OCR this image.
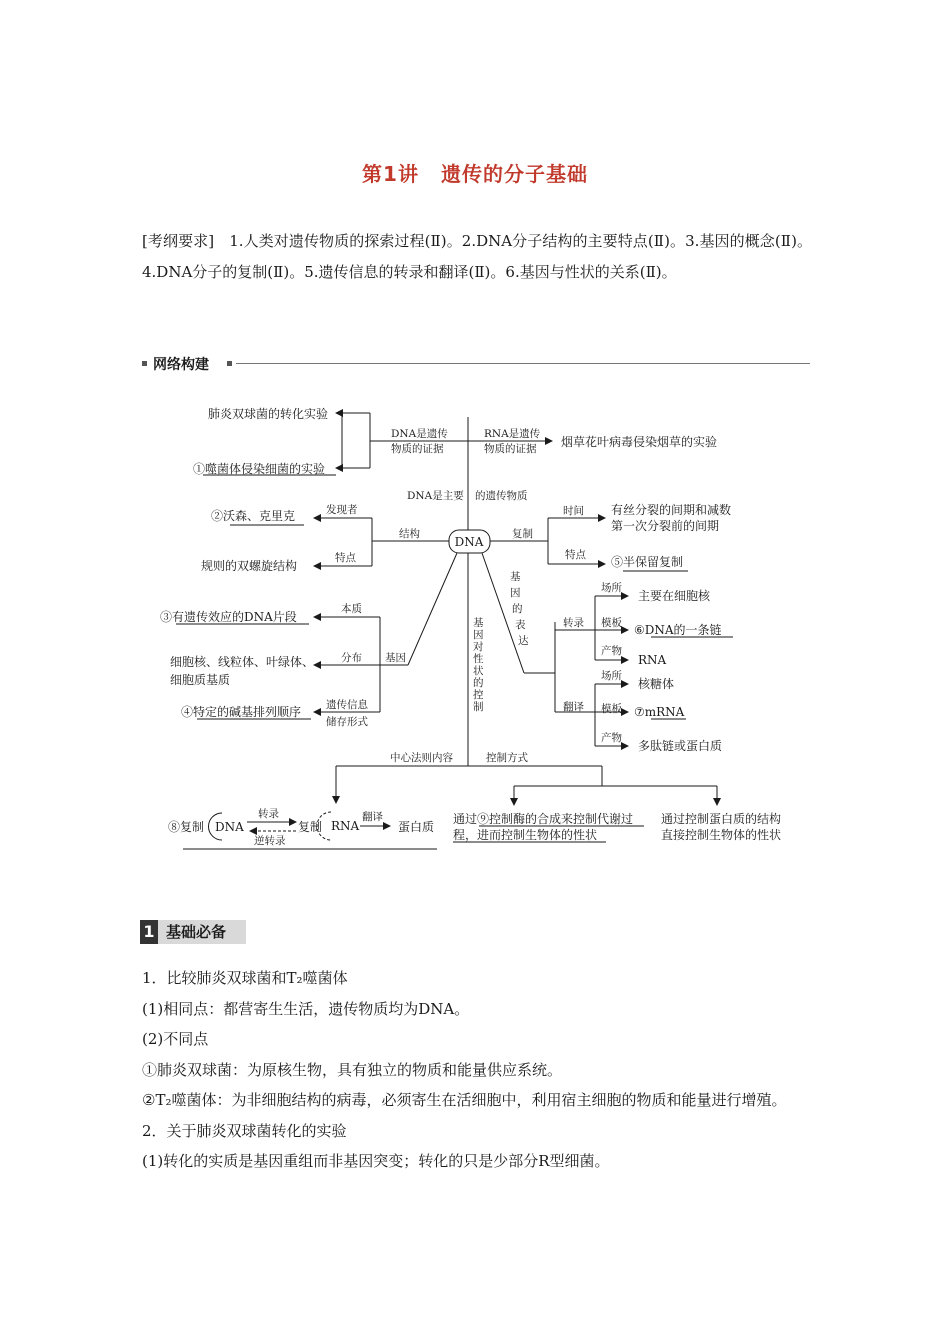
第1讲 遗传的分子基础
[考纲要求]　1.人类对遗传物质的探索过程(Ⅱ)。2.DNA分子结构的主要特点(Ⅱ)。3.基因的概念(Ⅱ)。4.DNA分子的复制(Ⅱ)。5.遗传信息的转录和翻译(Ⅱ)。6.基因与性状的关系(Ⅱ)。
网络构建
DNA
肺炎双球菌的转化实验
①噬菌体侵染细菌的实验
DNA是遗传
物质的证据
RNA是遗传
物质的证据 烟草花叶病毒侵染烟草的实验
DNA是主要 的遗传物质
发现者
②沃森、克里克
结构
特点
规则的双螺旋结构
复制
时间 有丝分裂的间期和减数
第一次分裂前的间期
特点 ⑤半保留复制
基
因
的
表
达
基
因
对
性
状
的
控
制
转录
场所
主要在细胞核
模板 ⑥DNA的一条链
产物
RNA
翻译
场所
核糖体
模板 ⑦mRNA
产物
多肽链或蛋白质
本质
③有遗传效应的DNA片段
分布 基因
细胞核、线粒体、叶绿体、
细胞质基质
遗传信息
储存形式
④特定的碱基排列顺序
中心法则内容	控制方式
⑧复制 DNA
转录
逆转录
复制 RNA
翻译
蛋白质
通过⑨控制酶的合成来控制代谢过
程，进而控制生物体的性状
通过控制蛋白质的结构
直接控制生物体的性状
1 基础必备

1．比较肺炎双球菌和T₂噬菌体

(1)相同点：都营寄生生活，遗传物质均为DNA。

(2)不同点

①肺炎双球菌：为原核生物，具有独立的物质和能量供应系统。

②T₂噬菌体：为非细胞结构的病毒，必须寄生在活细胞中，利用宿主细胞的物质和能量进行增殖。

2．关于肺炎双球菌转化的实验

(1)转化的实质是基因重组而非基因突变；转化的只是少部分R型细菌。
